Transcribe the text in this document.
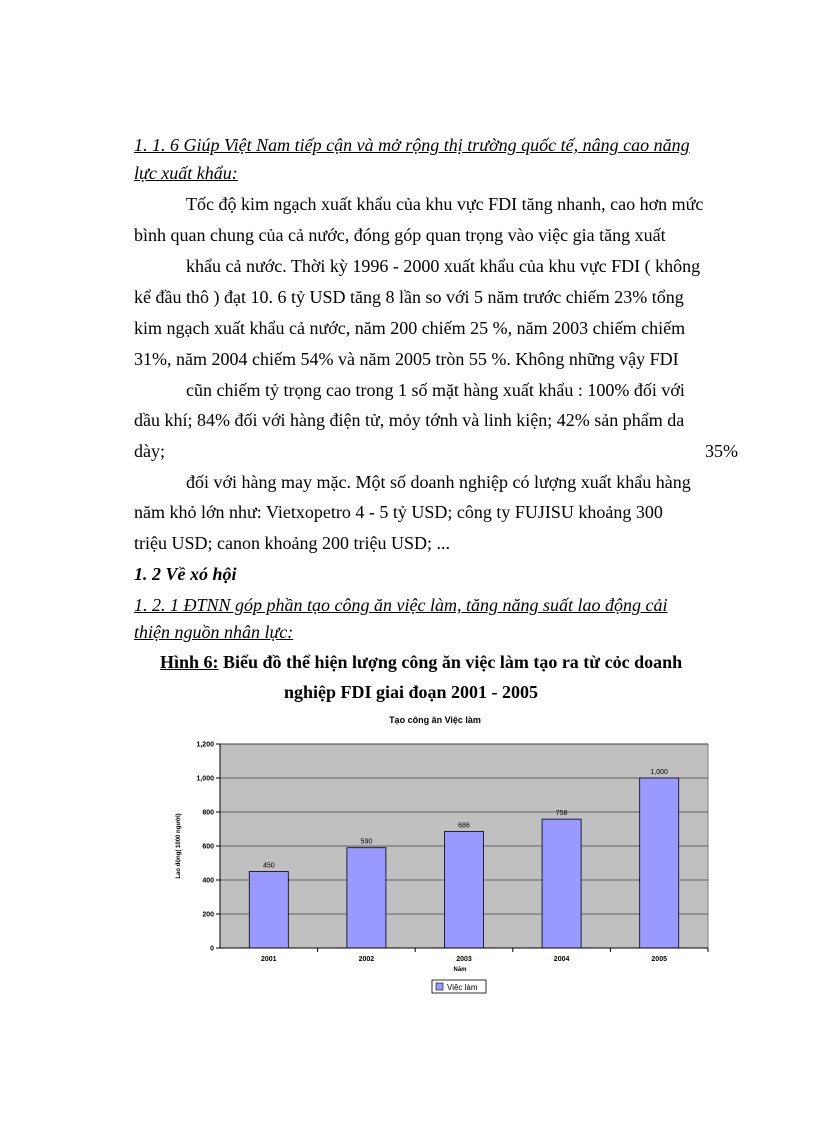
1. 1. 6 Giúp Việt Nam tiếp cận và mở rộng thị trường quốc tế, nâng cao năng
lực xuất khẩu:
Tốc độ kim ngạch xuất khẩu của khu vực FDI tăng nhanh, cao hơn mức
bình quan chung của cả nước, đóng góp quan trọng vào việc gia tăng xuất
khẩu cả nước. Thời kỳ 1996 - 2000 xuất khẩu của khu vực FDI ( không
kể đầu thô ) đạt 10. 6 tỷ USD tăng 8 lần so với 5 năm trước chiếm 23% tổng
kim ngạch xuất khẩu cả nước, năm 200 chiếm 25 %, năm 2003 chiếm chiếm
31%, năm 2004 chiếm 54% và năm 2005 tròn 55 %. Không những vậy FDI
cũn chiếm tỷ trọng cao trong 1 số mặt hàng xuất khẩu : 100% đối với
dầu khí; 84% đối với hàng điện tử, mỏy tớnh và linh kiện; 42% sản phẩm da
dày;	35%
đối với hàng may mặc. Một số doanh nghiệp có lượng xuất khẩu hàng
năm khỏ lớn như: Vietxopetro 4 - 5 tỷ USD; công ty FUJISU khoảng 300
triệu USD; canon khoảng 200 triệu USD; ...
1. 2 Về xó hội
1. 2. 1 ĐTNN góp phần tạo công ăn việc làm, tăng năng suất lao động cải
thiện nguồn nhân lực:
Hình 6: Biểu đồ thể hiện lượng công ăn việc làm tạo ra từ cỏc doanh
nghiệp FDI giai đoạn 2001 - 2005
Tạo công ăn Việc làm
450
590
686
758
1,000
0
200
400
600
800
1,000
1,200
2001	2002	2003	2004	2005
Năm
Lao động( 1000 người)
Việc làm
